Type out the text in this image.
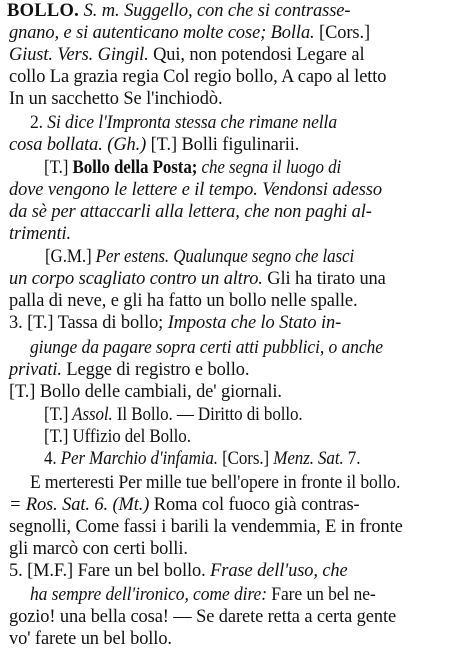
BOLLO. S. m. Suggello, con che si contrasse-
gnano, e si autenticano molte cose; Bolla. [Cors.]
Giust. Vers. Gingil. Qui, non potendosi Legare al
collo La grazia regia Col regio bollo, A capo al letto
In un sacchetto Se l'inchiodò.
2. Si dice l'Impronta stessa che rimane nella
cosa bollata. (Gh.) [T.] Bolli figulinarii.
[T.] Bollo della Posta; che segna il luogo di
dove vengono le lettere e il tempo. Vendonsi adesso
da sè per attaccarli alla lettera, che non paghi al-
trimenti.
[G.M.] Per estens. Qualunque segno che lasci
un corpo scagliato contro un altro. Gli ha tirato una
palla di neve, e gli ha fatto un bollo nelle spalle.
3. [T.] Tassa di bollo; Imposta che lo Stato in-
giunge da pagare sopra certi atti pubblici, o anche
privati. Legge di registro e bollo.
[T.] Bollo delle cambiali, de' giornali.
[T.] Assol. Il Bollo. — Diritto di bollo.
[T.] Uffizio del Bollo.
4. Per Marchio d'infamia. [Cors.] Menz. Sat. 7.
E merteresti Per mille tue bell'opere in fronte il bollo.
= Ros. Sat. 6. (Mt.) Roma col fuoco già contras-
segnolli, Come fassi i barili la vendemmia, E in fronte
gli marcò con certi bolli.
5. [M.F.] Fare un bel bollo. Frase dell'uso, che
ha sempre dell'ironico, come dire: Fare un bel ne-
gozio! una bella cosa! — Se darete retta a certa gente
vo' farete un bel bollo.
